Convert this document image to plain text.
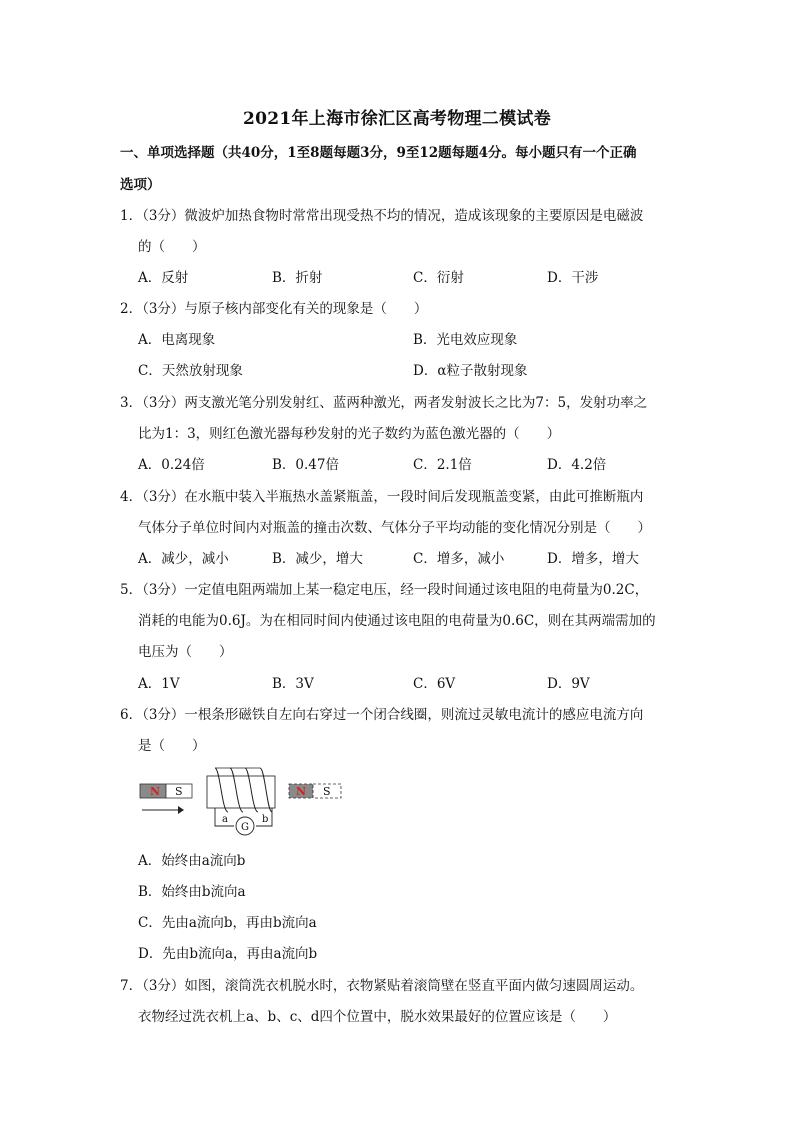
2021年上海市徐汇区高考物理二模试卷
一、单项选择题（共40分，1至8题每题3分，9至12题每题4分。每小题只有一个正确
选项）
1．（3分）微波炉加热食物时常常出现受热不均的情况，造成该现象的主要原因是电磁波
的（　　）
A．反射	B．折射	C．衍射	D．干涉
2．（3分）与原子核内部变化有关的现象是（　　）
A．电离现象	B．光电效应现象
C．天然放射现象	D．α粒子散射现象
3．（3分）两支激光笔分别发射红、蓝两种激光，两者发射波长之比为7：5，发射功率之
比为1：3，则红色激光器每秒发射的光子数约为蓝色激光器的（　　）
A．0.24倍	B．0.47倍	C．2.1倍	D．4.2倍
4．（3分）在水瓶中装入半瓶热水盖紧瓶盖，一段时间后发现瓶盖变紧，由此可推断瓶内
气体分子单位时间内对瓶盖的撞击次数、气体分子平均动能的变化情况分别是（　　）
A．减少，减小	B．减少，增大	C．增多，减小	D．增多，增大
5．（3分）一定值电阻两端加上某一稳定电压，经一段时间通过该电阻的电荷量为0.2C，
消耗的电能为0.6J。为在相同时间内使通过该电阻的电荷量为0.6C，则在其两端需加的
电压为（　　）
A．1V	B．3V	C．6V	D．9V
6．（3分）一根条形磁铁自左向右穿过一个闭合线圈，则流过灵敏电流计的感应电流方向
是（　　）
N S
G
a	b
N S
A．始终由a流向b
B．始终由b流向a
C．先由a流向b，再由b流向a
D．先由b流向a，再由a流向b
7．（3分）如图，滚筒洗衣机脱水时，衣物紧贴着滚筒壁在竖直平面内做匀速圆周运动。
衣物经过洗衣机上a、b、c、d四个位置中，脱水效果最好的位置应该是（　　）
